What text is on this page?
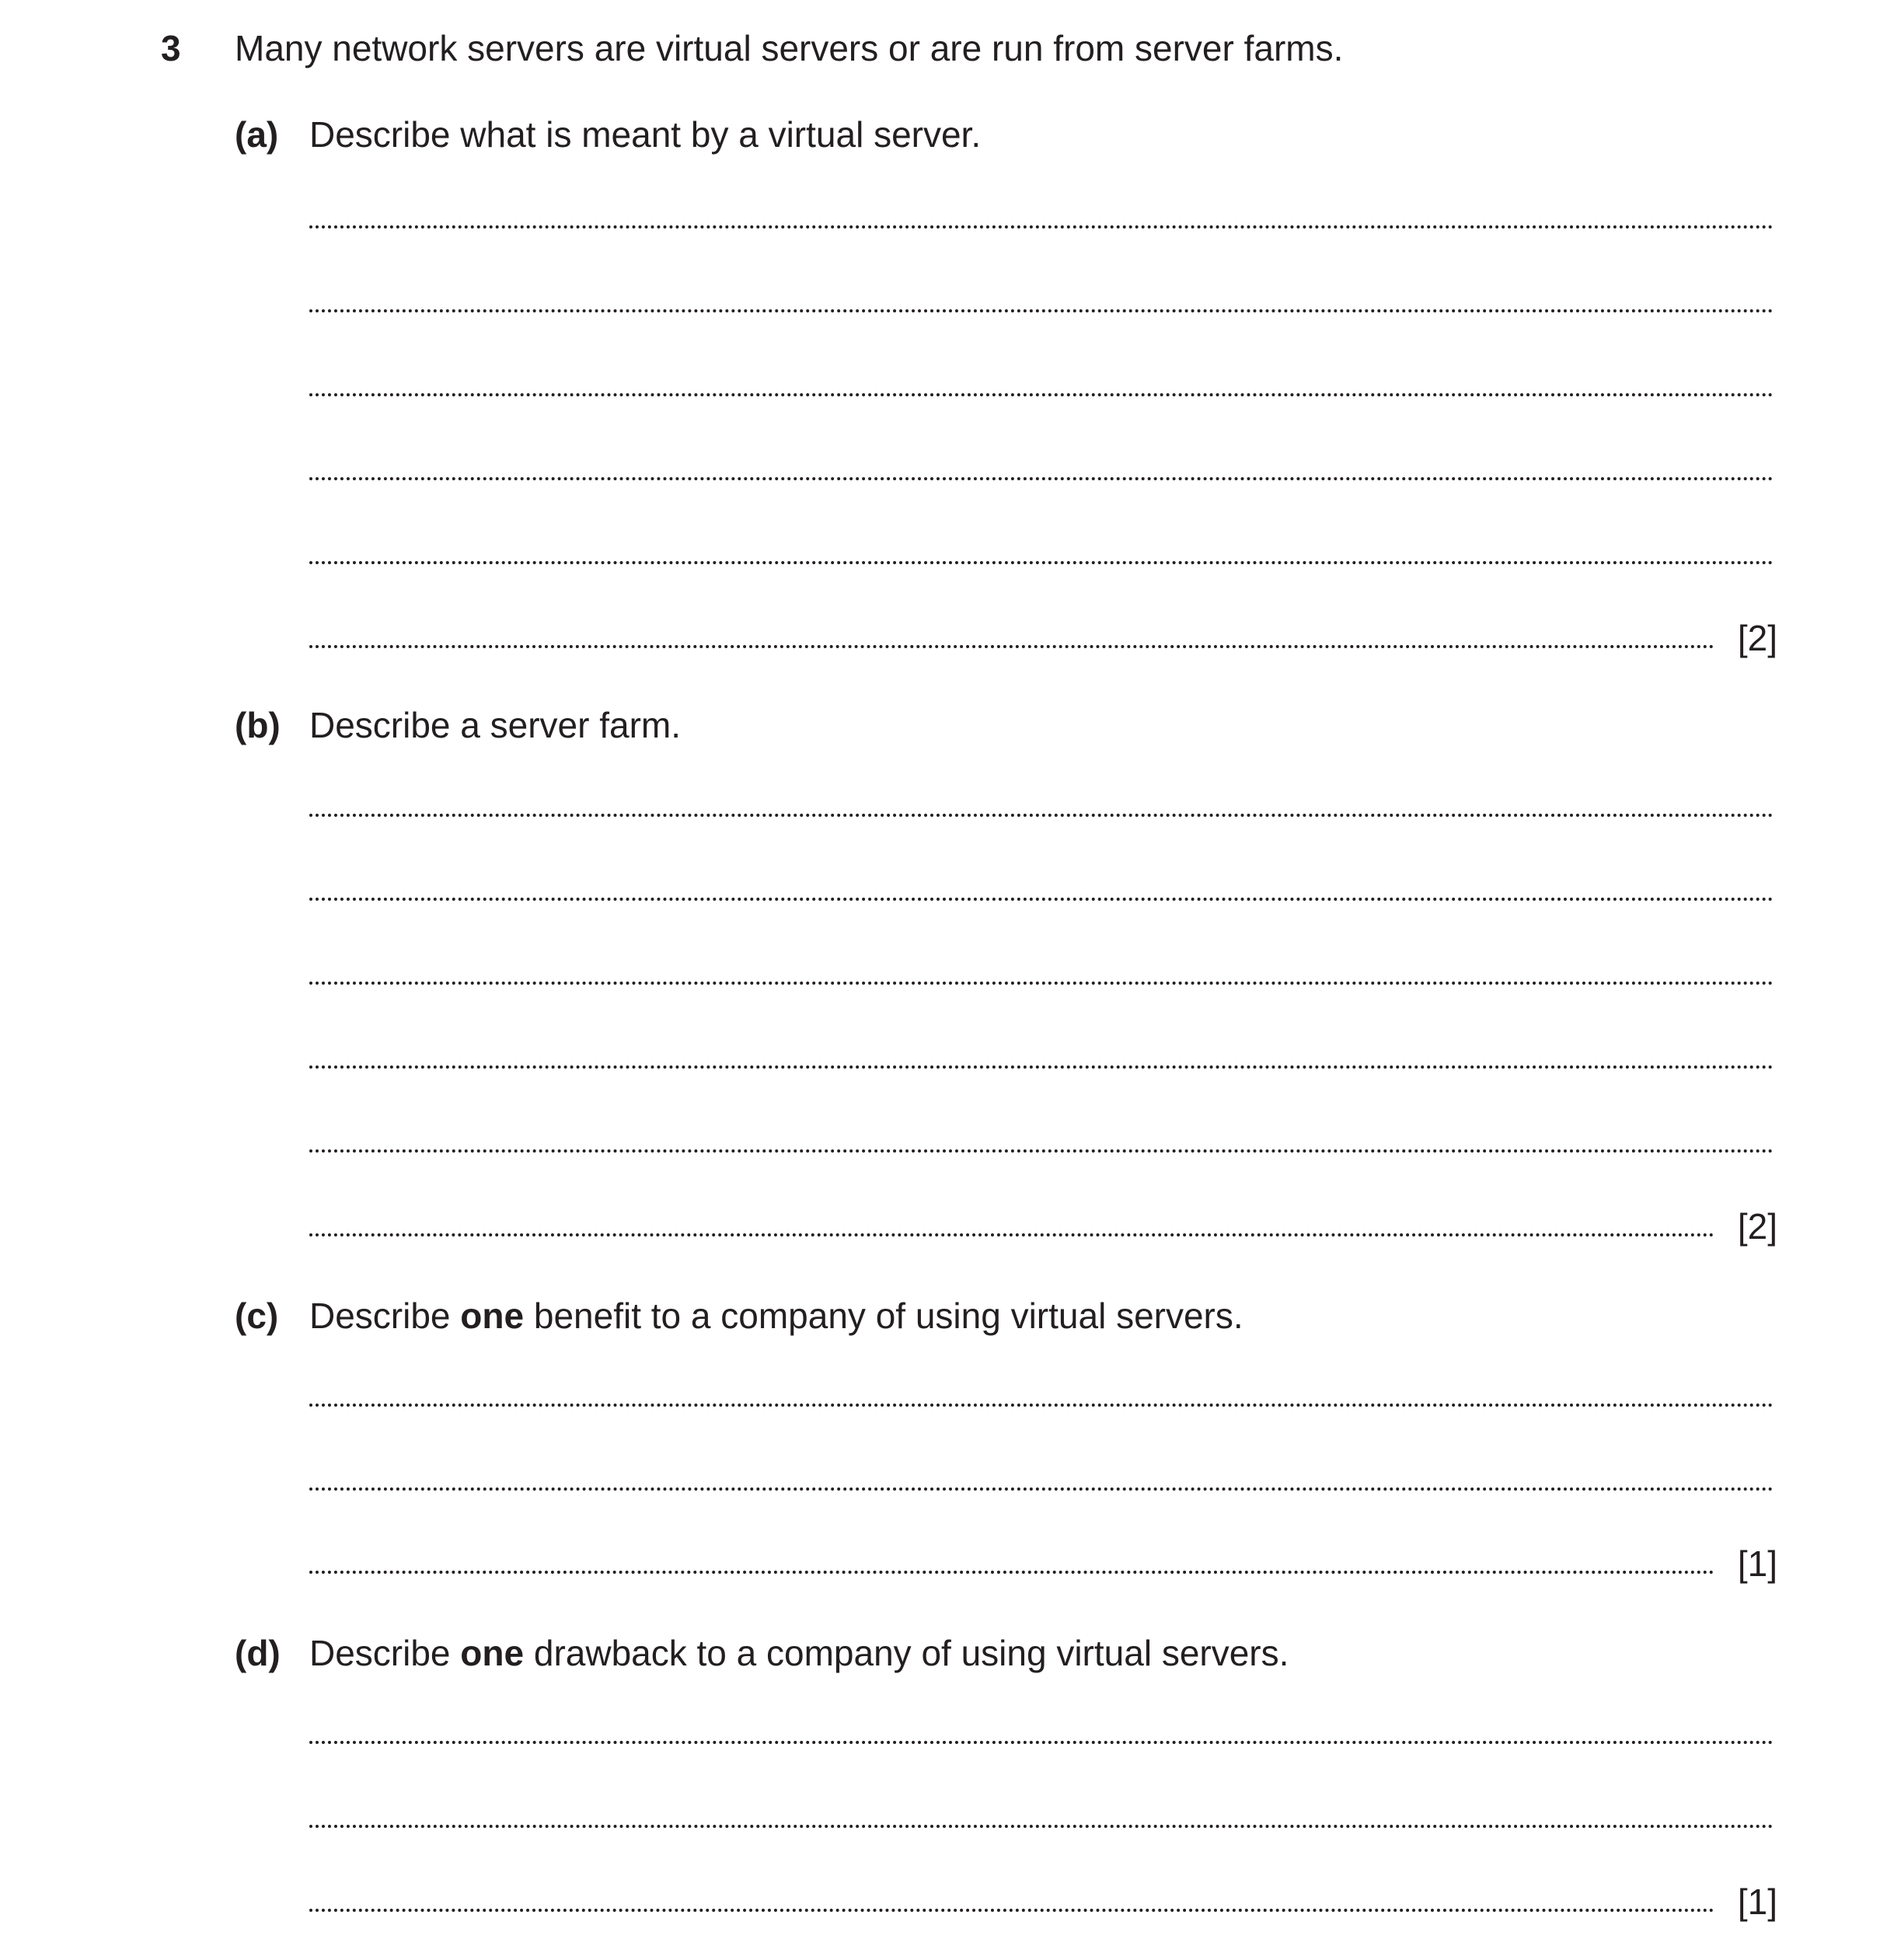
3 Many network servers are virtual servers or are run from server farms.
(a) Describe what is meant by a virtual server.
[2]
(b) Describe a server farm.
[2]
(c) Describe one benefit to a company of using virtual servers.
[1]
(d) Describe one drawback to a company of using virtual servers.
[1]
